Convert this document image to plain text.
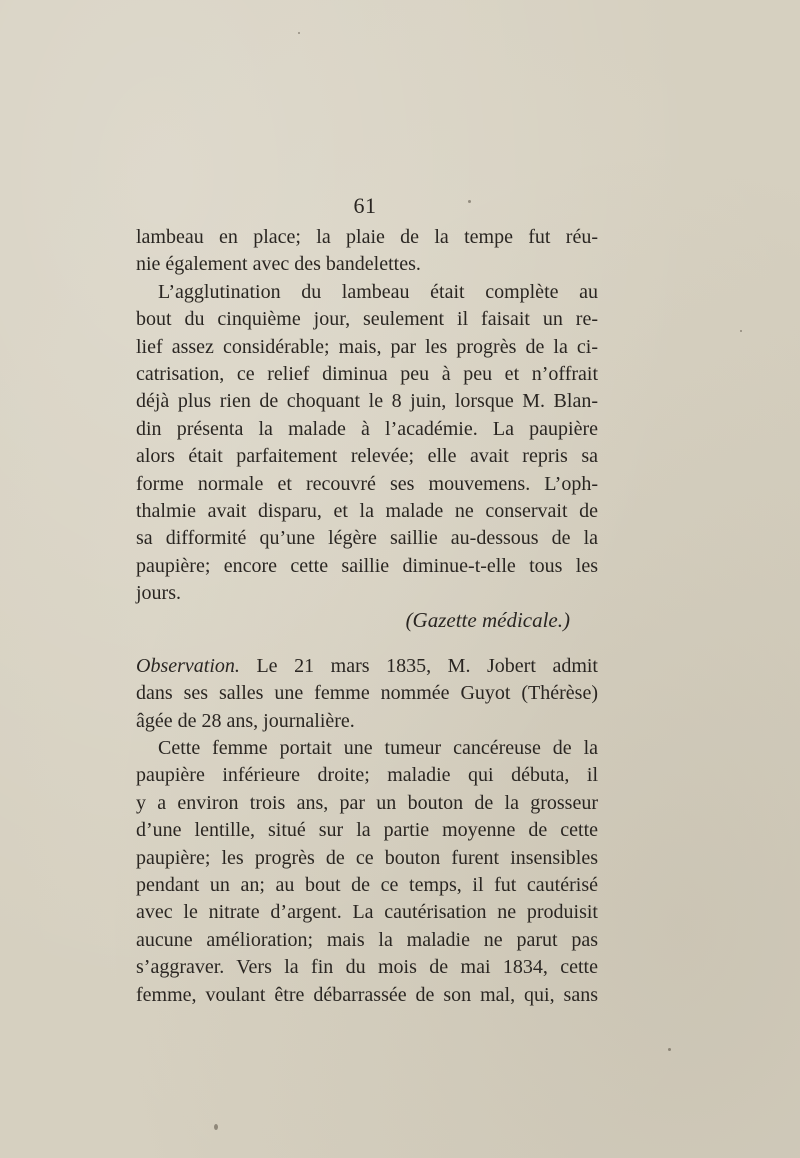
61
lambeau en place; la plaie de la tempe fut réu-
nie également avec des bandelettes.
L’agglutination du lambeau était complète au
bout du cinquième jour, seulement il faisait un re-
lief assez considérable; mais, par les progrès de la ci-
catrisation, ce relief diminua peu à peu et n’offrait
déjà plus rien de choquant le 8 juin, lorsque M. Blan-
din présenta la malade à l’académie. La paupière
alors était parfaitement relevée; elle avait repris sa
forme normale et recouvré ses mouvemens. L’oph-
thalmie avait disparu, et la malade ne conservait de
sa difformité qu’une légère saillie au-dessous de la
paupière; encore cette saillie diminue-t-elle tous les
jours.
(Gazette médicale.)
Observation. Le 21 mars 1835, M. Jobert admit
dans ses salles une femme nommée Guyot (Thérèse)
âgée de 28 ans, journalière.
Cette femme portait une tumeur cancéreuse de la
paupière inférieure droite; maladie qui débuta, il
y a environ trois ans, par un bouton de la grosseur
d’une lentille, situé sur la partie moyenne de cette
paupière; les progrès de ce bouton furent insensibles
pendant un an; au bout de ce temps, il fut cautérisé
avec le nitrate d’argent. La cautérisation ne produisit
aucune amélioration; mais la maladie ne parut pas
s’aggraver. Vers la fin du mois de mai 1834, cette
femme, voulant être débarrassée de son mal, qui, sans
